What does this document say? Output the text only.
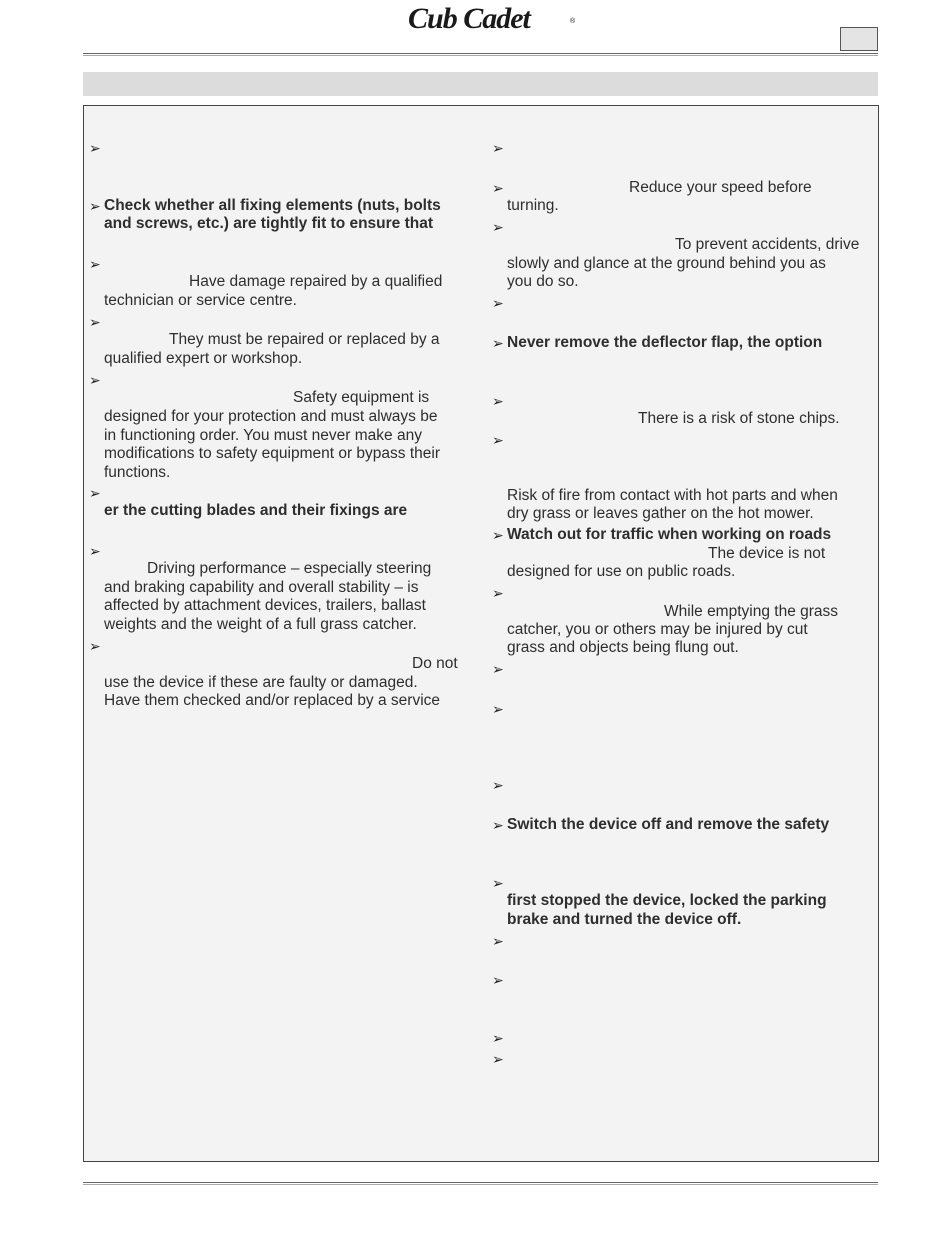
Cub Cadet	®
➢
➢ Check whether all fixing elements (nuts, bolts
and screws, etc.) are tightly fit to ensure that
➢
Have damage repaired by a qualified
technician or service centre.
➢
They must be repaired or replaced by a
qualified expert or workshop.
➢
Safety equipment is
designed for your protection and must always be
in functioning order. You must never make any
modifications to safety equipment or bypass their
functions.
➢
er the cutting blades and their fixings are
➢
Driving performance – especially steering
and braking capability and overall stability – is
affected by attachment devices, trailers, ballast
weights and the weight of a full grass catcher.
➢
Do not
use the device if these are faulty or damaged.
Have them checked and/or replaced by a service
➢
➢	Reduce your speed before
turning.
➢
To prevent accidents, drive
slowly and glance at the ground behind you as
you do so.
➢
➢ Never remove the deflector flap, the option
➢
There is a risk of stone chips.
➢
Risk of fire from contact with hot parts and when
dry grass or leaves gather on the hot mower.
➢ Watch out for traffic when working on roads
The device is not
designed for use on public roads.
➢
While emptying the grass
catcher, you or others may be injured by cut
grass and objects being flung out.
➢
➢
➢
➢ Switch the device off and remove the safety
➢
first stopped the device, locked the parking
brake and turned the device off.
➢
➢
➢
➢
